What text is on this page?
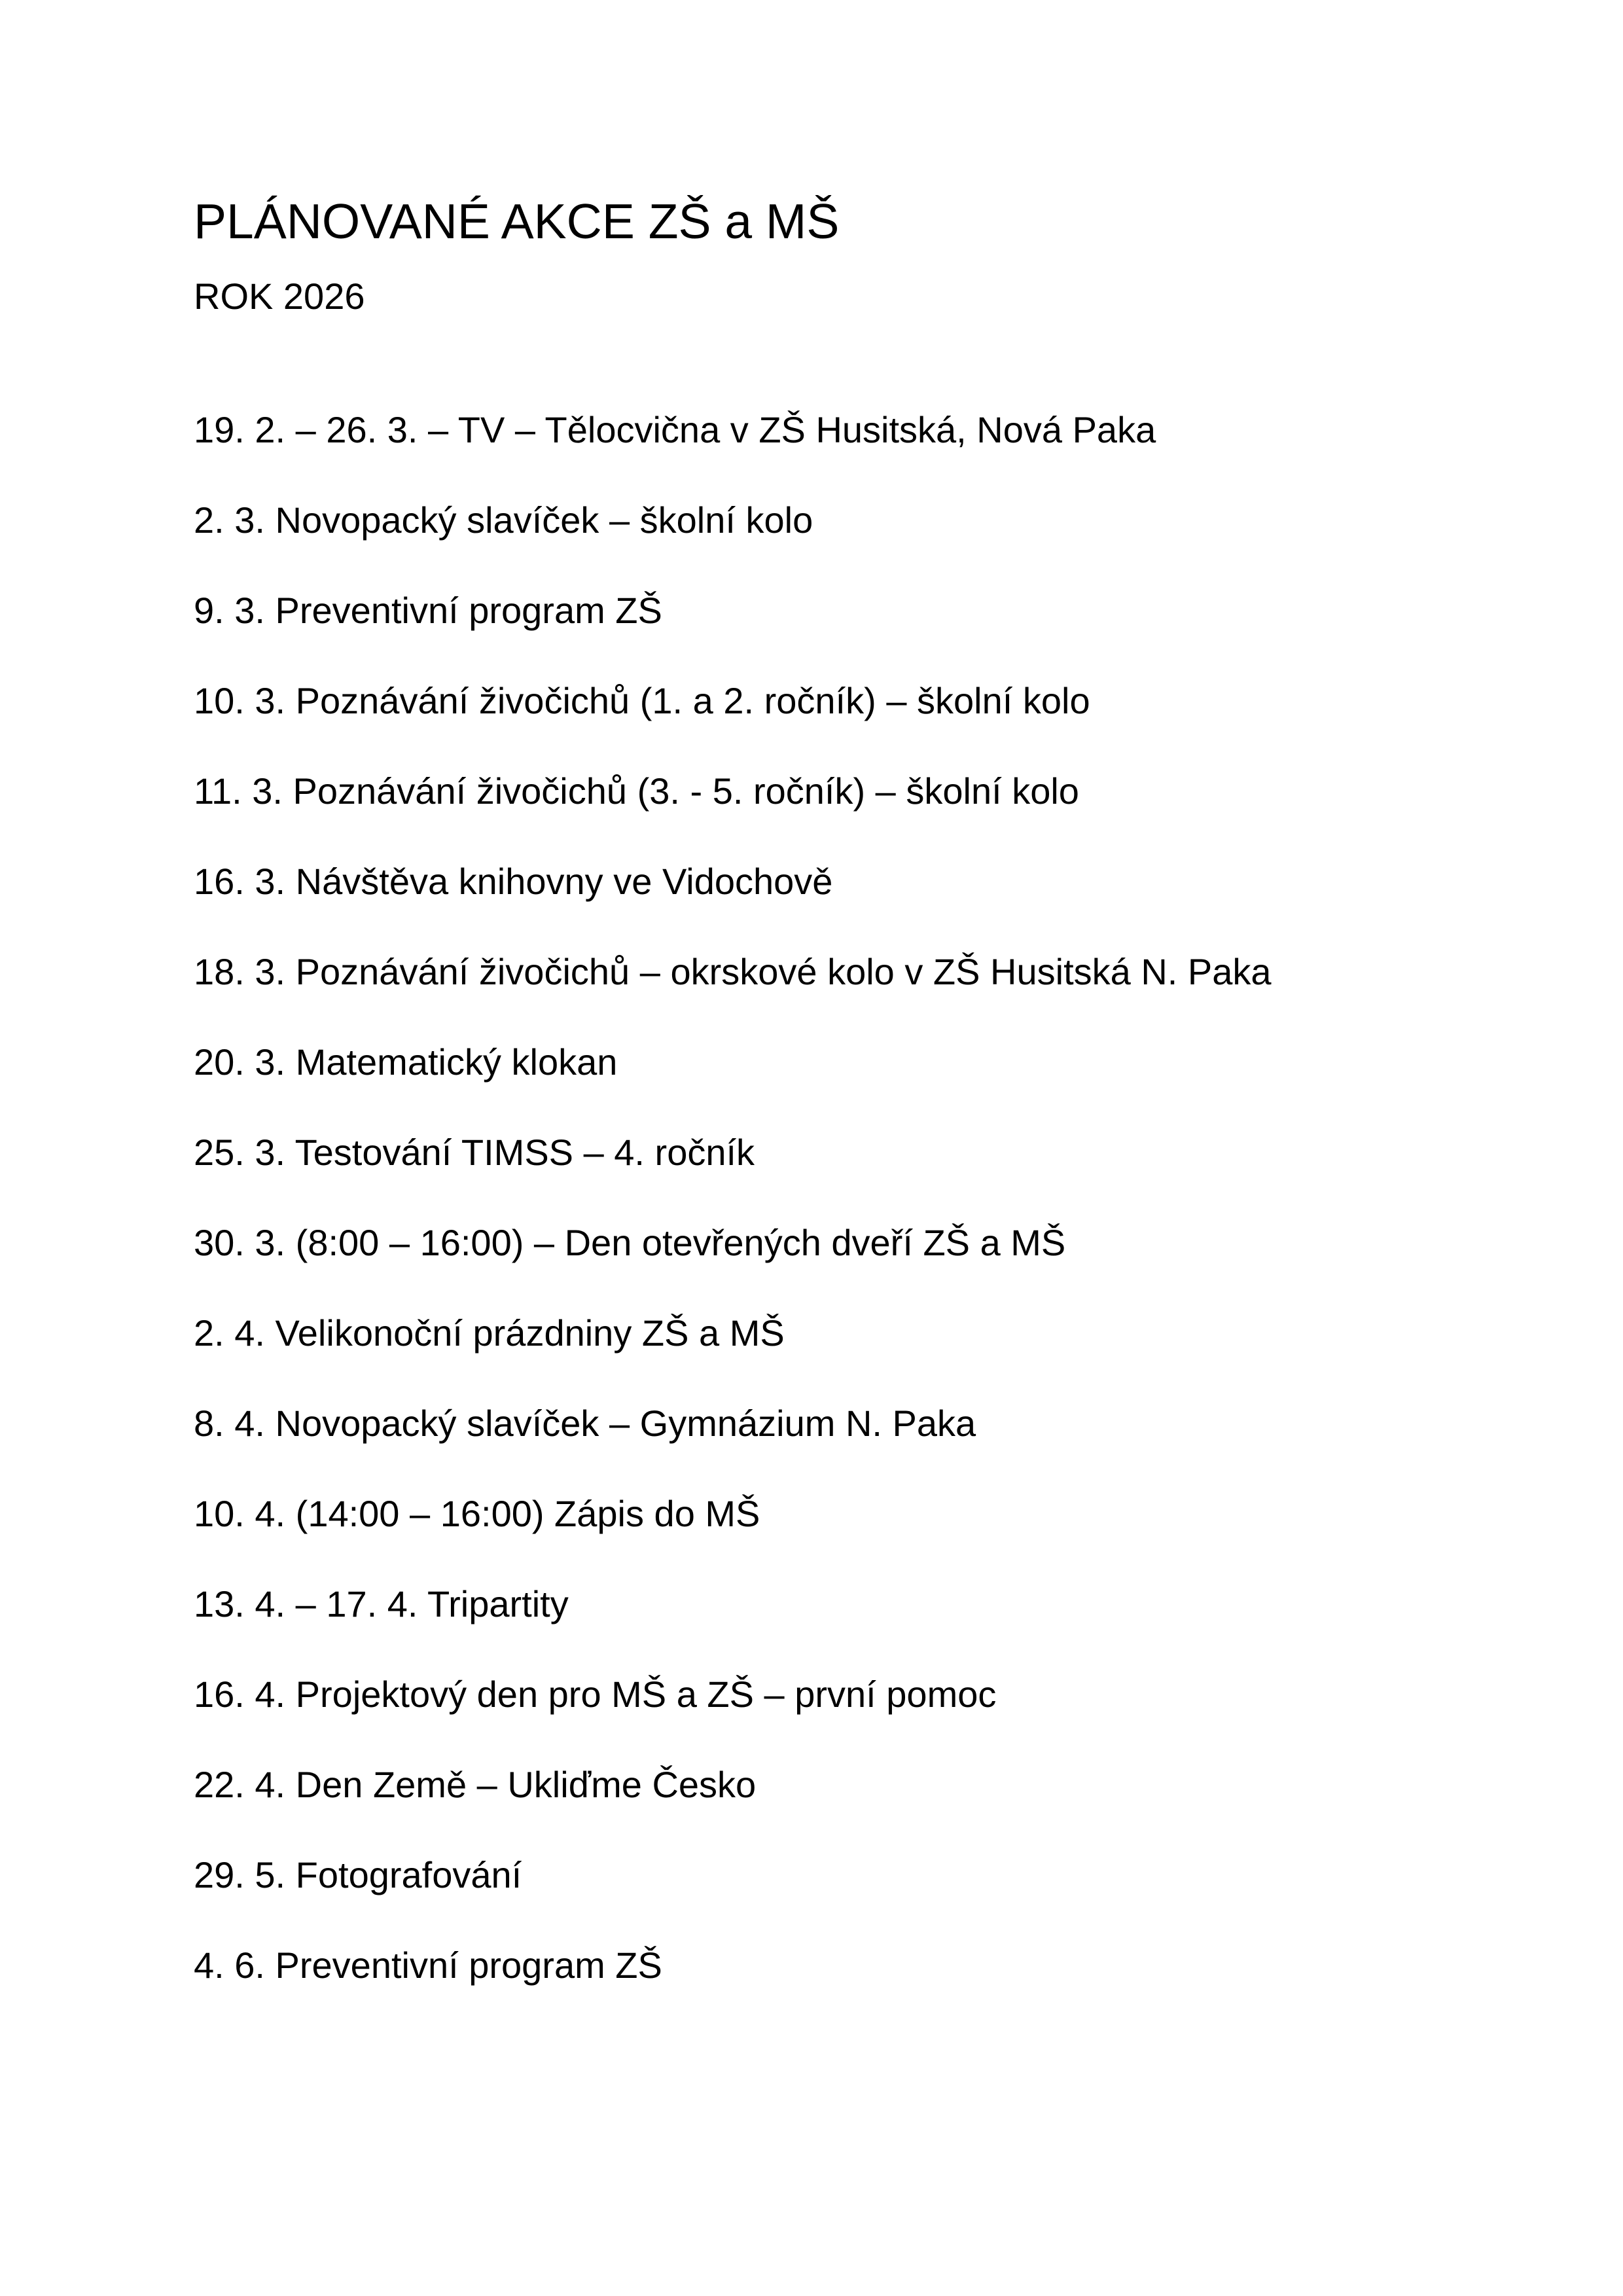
PLÁNOVANÉ AKCE ZŠ a MŠ
ROK 2026
19. 2. – 26. 3. – TV – Tělocvična v ZŠ Husitská, Nová Paka
2. 3. Novopacký slavíček – školní kolo
9. 3. Preventivní program ZŠ
10. 3. Poznávání živočichů (1. a 2. ročník) – školní kolo
11. 3. Poznávání živočichů (3. - 5. ročník) – školní kolo
16. 3. Návštěva knihovny ve Vidochově
18. 3. Poznávání živočichů – okrskové kolo v ZŠ Husitská N. Paka
20. 3. Matematický klokan
25. 3. Testování TIMSS – 4. ročník
30. 3. (8:00 – 16:00) – Den otevřených dveří ZŠ a MŠ
2. 4. Velikonoční prázdniny ZŠ a MŠ
8. 4. Novopacký slavíček – Gymnázium N. Paka
10. 4. (14:00 – 16:00) Zápis do MŠ
13. 4. – 17. 4. Tripartity
16. 4. Projektový den pro MŠ a ZŠ – první pomoc
22. 4. Den Země – Ukliďme Česko
29. 5. Fotografování
4. 6. Preventivní program ZŠ
